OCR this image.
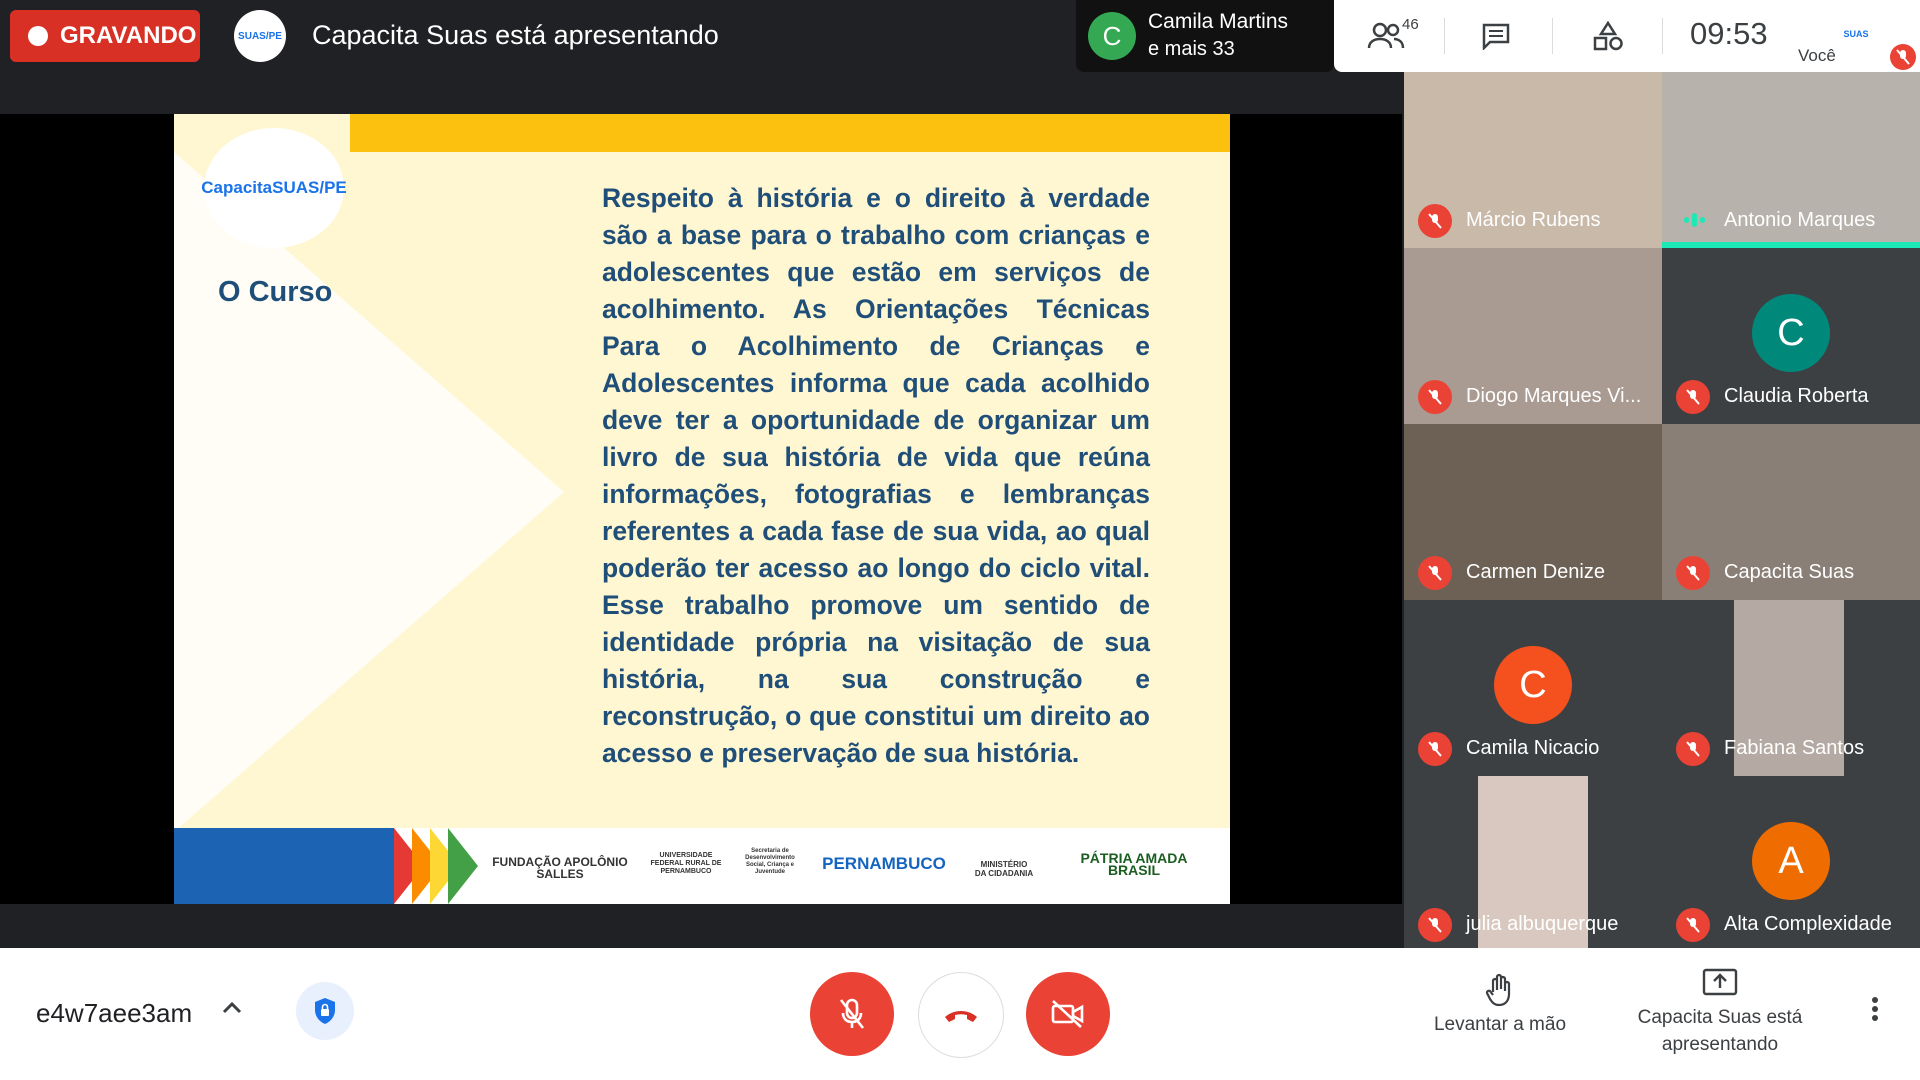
GRAVANDO	SUAS/PE Capacita Suas está apresentando	C	Camila Martins
e mais 33
46	09:53	SUAS
Você
CapacitaSUAS/PE
O Curso
Respeito à história e o direito à verdade são a base para o trabalho com crianças e adolescentes que estão em serviços de acolhimento. As Orientações Técnicas Para o Acolhimento de Crianças e Adolescentes informa que cada acolhido deve ter a oportunidade de organizar um livro de sua história de vida que reúna informações, fotografias e lembranças referentes a cada fase de sua vida, ao qual poderão ter acesso ao longo do ciclo vital. Esse trabalho promove um sentido de identidade própria na visitação de sua história, na sua construção e reconstrução, o que constitui um direito ao acesso e preservação de sua história.
FUNDAÇÃO APOLÔNIO SALLES
UNIVERSIDADE FEDERAL RURAL DE PERNAMBUCO
Secretaria de Desenvolvimento Social, Criança e Juventude	PERNAMBUCO	MINISTÉRIO DA CIDADANIA
PÁTRIA AMADA BRASIL
Márcio Rubens	Antonio Marques
Diogo Marques Vi...
C
Claudia Roberta
Carmen Denize	Capacita Suas
C
Camila Nicacio	Fabiana Santos
julia albuquerque
A
Alta Complexidade
e4w7aee3am	Levantar a mão	Capacita Suas está apresentando
